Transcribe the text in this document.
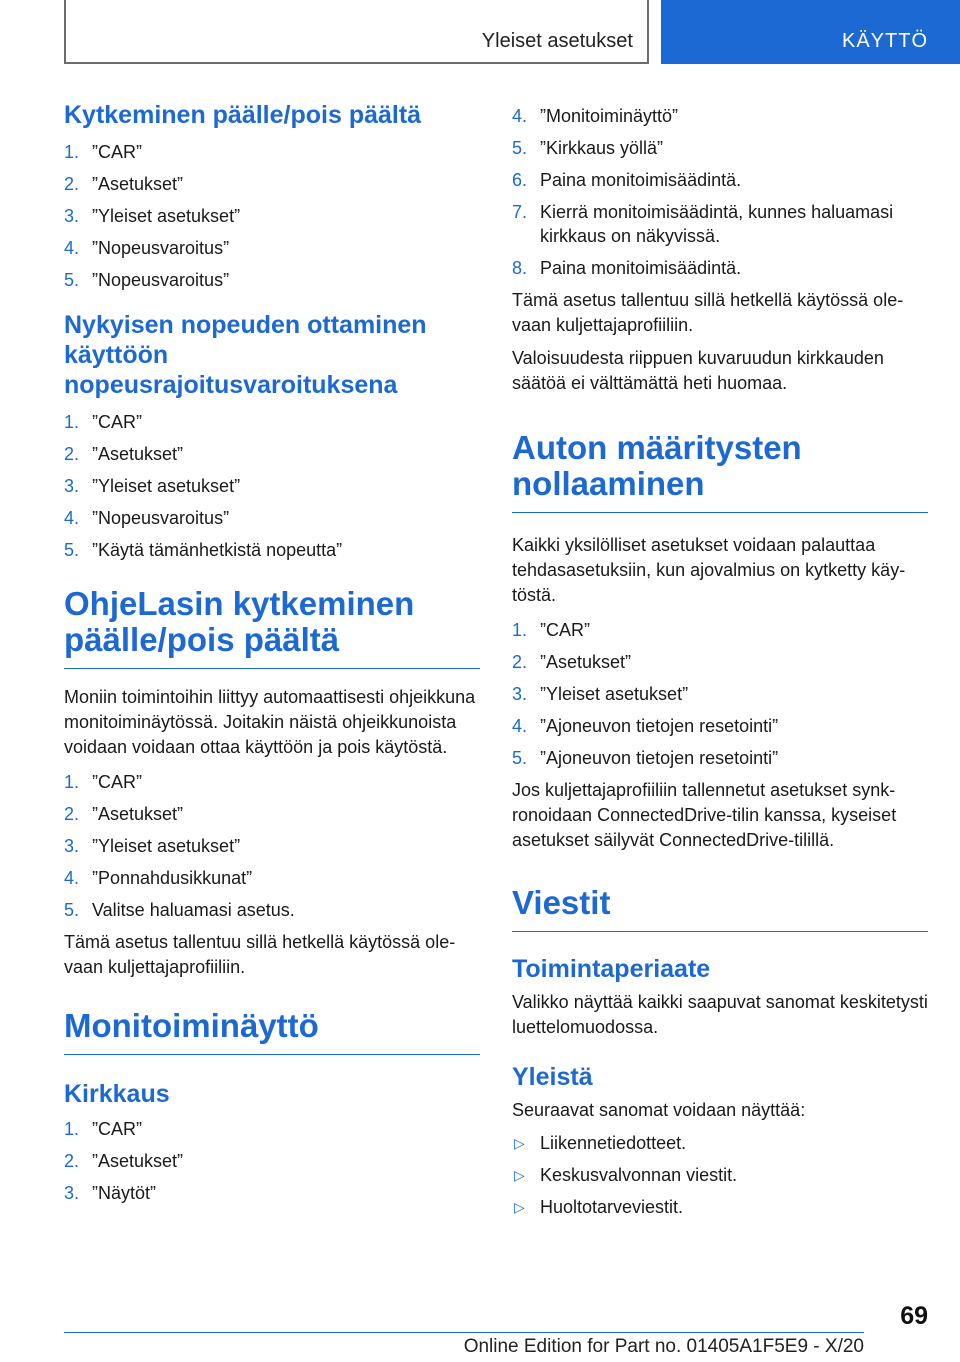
Yleiset asetukset	KÄYTTÖ
Kytkeminen päälle/pois päältä
1. ”CAR”
2. ”Asetukset”
3. ”Yleiset asetukset”
4. ”Nopeusvaroitus”
5. ”Nopeusvaroitus”
Nykyisen nopeuden ottaminen käyttöön nopeusrajoitusvaroituksena
1. ”CAR”
2. ”Asetukset”
3. ”Yleiset asetukset”
4. ”Nopeusvaroitus”
5. ”Käytä tämänhetkistä nopeutta”
OhjeLasin kytkeminen päälle/pois päältä

Moniin toimintoihin liittyy automaattisesti ohjeikkuna monitoiminäytössä. Joitakin näistä ohjeikkunoista voidaan voidaan ottaa käyttöön ja pois käytöstä.

1. ”CAR”
2. ”Asetukset”
3. ”Yleiset asetukset”
4. ”Ponnahdusikkunat”
5. Valitse haluamasi asetus.

Tämä asetus tallentuu sillä hetkellä käytössä olevaan kuljettajaprofiiliin.

Monitoiminäyttö
Kirkkaus
1. ”CAR”
2. ”Asetukset”
3. ”Näytöt”
4. ”Monitoiminäyttö”
5. ”Kirkkaus yöllä”
6. Paina monitoimisäädintä.
7. Kierrä monitoimisäädintä, kunnes haluamasi kirkkaus on näkyvissä.
8. Paina monitoimisäädintä.

Tämä asetus tallentuu sillä hetkellä käytössä olevaan kuljettajaprofiiliin.

Valoisuudesta riippuen kuvaruudun kirkkauden säätöä ei välttämättä heti huomaa.

Auton määritysten nollaaminen

Kaikki yksilölliset asetukset voidaan palauttaa tehdasasetuksiin, kun ajovalmius on kytketty käytöstä.

1. ”CAR”
2. ”Asetukset”
3. ”Yleiset asetukset”
4. ”Ajoneuvon tietojen resetointi”
5. ”Ajoneuvon tietojen resetointi”

Jos kuljettajaprofiiliin tallennetut asetukset synkronoidaan ConnectedDrive-tilin kanssa, kyseiset asetukset säilyvät ConnectedDrive-tilillä.

Viestit
Toimintaperiaate

Valikko näyttää kaikki saapuvat sanomat keskitetysti luettelomuodossa.

Yleistä

Seuraavat sanomat voidaan näyttää:

▷ Liikennetiedotteet.
▷ Keskusvalvonnan viestit.
▷ Huoltotarveviestit.
69
Online Edition for Part no. 01405A1F5E9 - X/20
